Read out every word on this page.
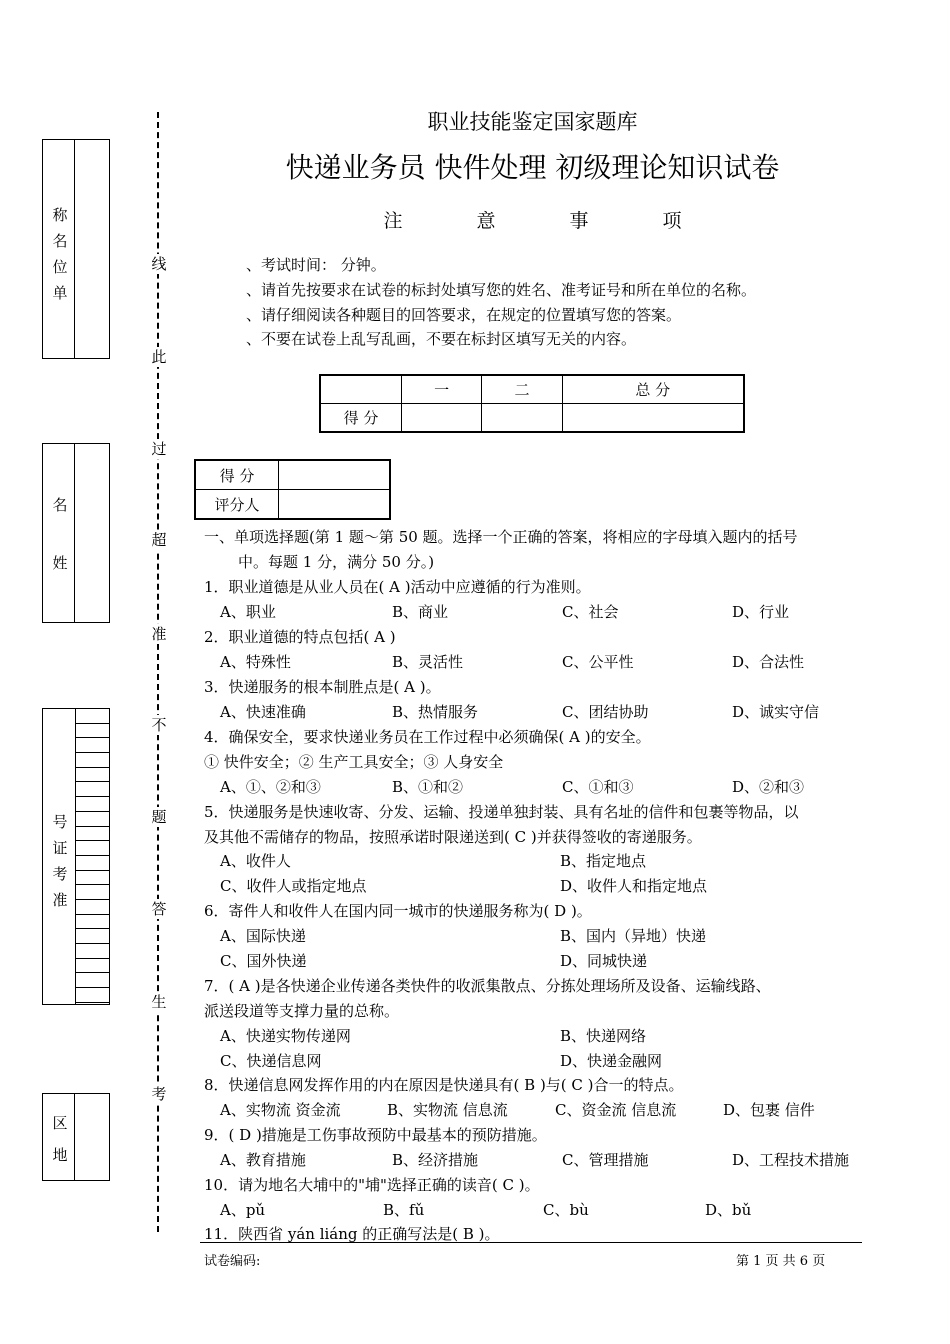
称
名
位
单
名
姓
号
证
考
准
区
地
线
此
过
超
准
不
题
答
生
考
职业技能鉴定国家题库
快递业务员 快件处理 初级理论知识试卷
注 意 事 项
、考试时间： 分钟。
、请首先按要求在试卷的标封处填写您的姓名、准考证号和所在单位的名称。
、请仔细阅读各种题目的回答要求，在规定的位置填写您的答案。
、不要在试卷上乱写乱画，不要在标封区填写无关的内容。
	一	二	总 分
得 分			
得 分	
评分人	
一、单项选择题(第 1 题～第 50 题。选择一个正确的答案，将相应的字母填入题内的括号
中。每题 1 分，满分 50 分。)
1．职业道德是从业人员在( A )活动中应遵循的行为准则。
A、职业	B、商业	C、社会	D、行业
2．职业道德的特点包括( A )
A、特殊性	B、灵活性	C、公平性	D、合法性
3．快递服务的根本制胜点是( A )。
A、快速准确	B、热情服务	C、团结协助	D、诚实守信
4．确保安全，要求快递业务员在工作过程中必须确保( A )的安全。
① 快件安全；② 生产工具安全；③ 人身安全
A、①、②和③	B、①和②	C、①和③	D、②和③
5．快递服务是快速收寄、分发、运输、投递单独封装、具有名址的信件和包裹等物品，以
及其他不需储存的物品，按照承诺时限递送到( C )并获得签收的寄递服务。
A、收件人	B、指定地点
C、收件人或指定地点	D、收件人和指定地点
6．寄件人和收件人在国内同一城市的快递服务称为( D )。
A、国际快递	B、国内（异地）快递
C、国外快递	D、同城快递
7．( A )是各快递企业传递各类快件的收派集散点、分拣处理场所及设备、运输线路、
派送段道等支撑力量的总称。
A、快递实物传递网	B、快递网络
C、快递信息网	D、快递金融网
8．快递信息网发挥作用的内在原因是快递具有( B )与( C )合一的特点。
A、实物流 资金流	B、实物流 信息流	C、资金流 信息流	D、包裹 信件
9．( D )措施是工伤事故预防中最基本的预防措施。
A、教育措施	B、经济措施	C、管理措施	D、工程技术措施
10．请为地名大埔中的"埔"选择正确的读音( C )。
A、pǔ	B、fǔ	C、bù	D、bǔ
11．陕西省 yán liáng 的正确写法是( B )。
试卷编码:	第 1 页 共 6 页
